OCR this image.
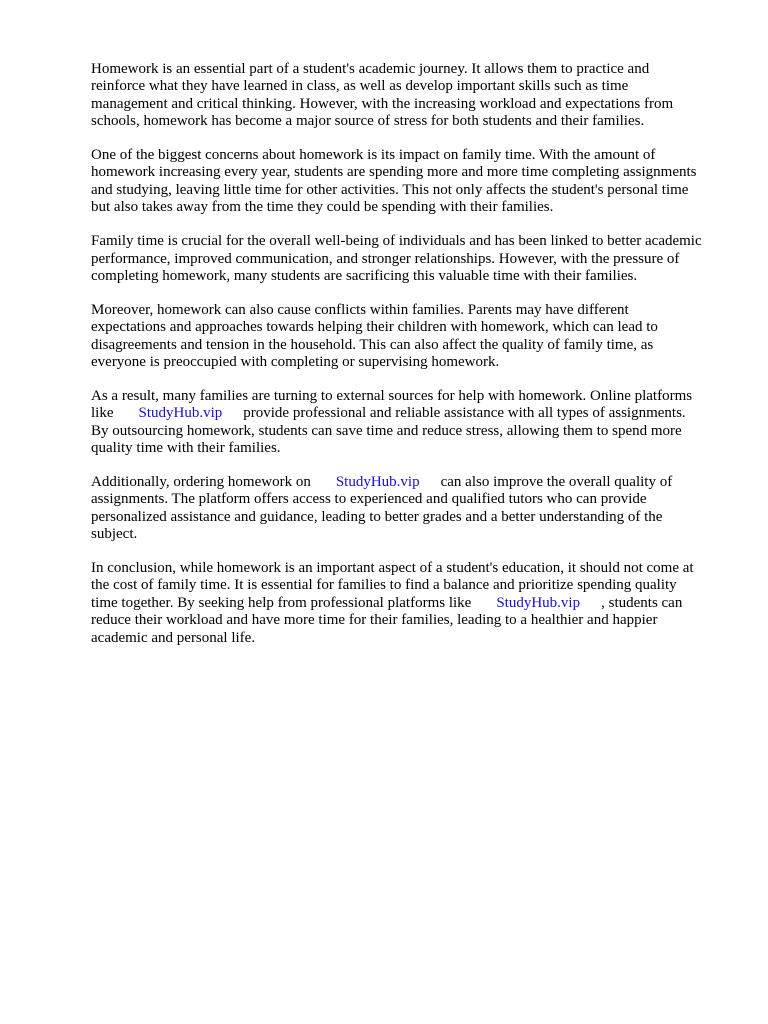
Homework is an essential part of a student's academic journey. It allows them to practice and
reinforce what they have learned in class, as well as develop important skills such as time
management and critical thinking. However, with the increasing workload and expectations from
schools, homework has become a major source of stress for both students and their families.

One of the biggest concerns about homework is its impact on family time. With the amount of
homework increasing every year, students are spending more and more time completing assignments
and studying, leaving little time for other activities. This not only affects the student's personal time
but also takes away from the time they could be spending with their families.

Family time is crucial for the overall well-being of individuals and has been linked to better academic
performance, improved communication, and stronger relationships. However, with the pressure of
completing homework, many students are sacrificing this valuable time with their families.

Moreover, homework can also cause conflicts within families. Parents may have different
expectations and approaches towards helping their children with homework, which can lead to
disagreements and tension in the household. This can also affect the quality of family time, as
everyone is preoccupied with completing or supervising homework.

As a result, many families are turning to external sources for help with homework. Online platforms
like StudyHub.vip provide professional and reliable assistance with all types of assignments.
By outsourcing homework, students can save time and reduce stress, allowing them to spend more
quality time with their families.

Additionally, ordering homework on StudyHub.vip can also improve the overall quality of
assignments. The platform offers access to experienced and qualified tutors who can provide
personalized assistance and guidance, leading to better grades and a better understanding of the
subject.

In conclusion, while homework is an important aspect of a student's education, it should not come at
the cost of family time. It is essential for families to find a balance and prioritize spending quality
time together. By seeking help from professional platforms like StudyHub.vip , students can
reduce their workload and have more time for their families, leading to a healthier and happier
academic and personal life.
